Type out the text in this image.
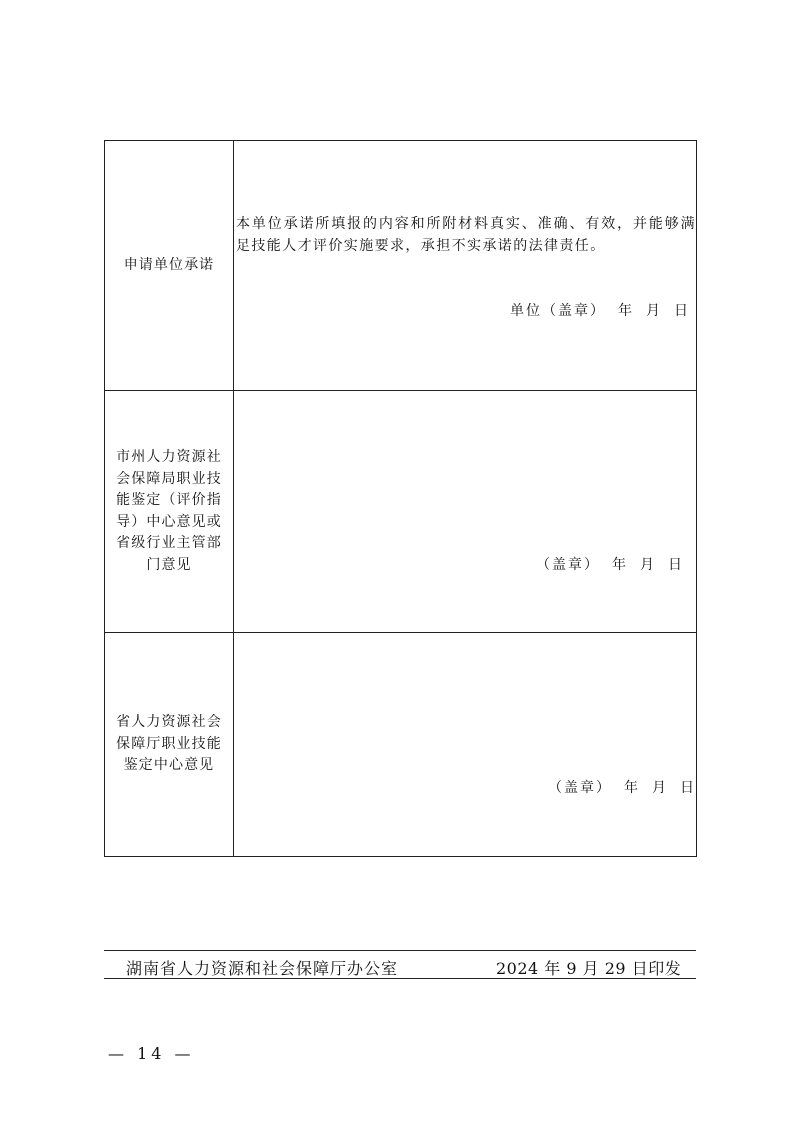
申请单位承诺

本单位承诺所填报的内容和所附材料真实、准确、有效，并能够满足技能人才评价实施要求，承担不实承诺的法律责任。

单位（盖章） 年 月 日
市州人力资源社会保障局职业技能鉴定（评价指导）中心意见或省级行业主管部门意见	（盖章） 年 月 日
省人力资源社会保障厅职业技能鉴定中心意见
（盖章） 年 月 日
湖南省人力资源和社会保障厅办公室	2024 年 9 月 29 日印发
— 14 —
